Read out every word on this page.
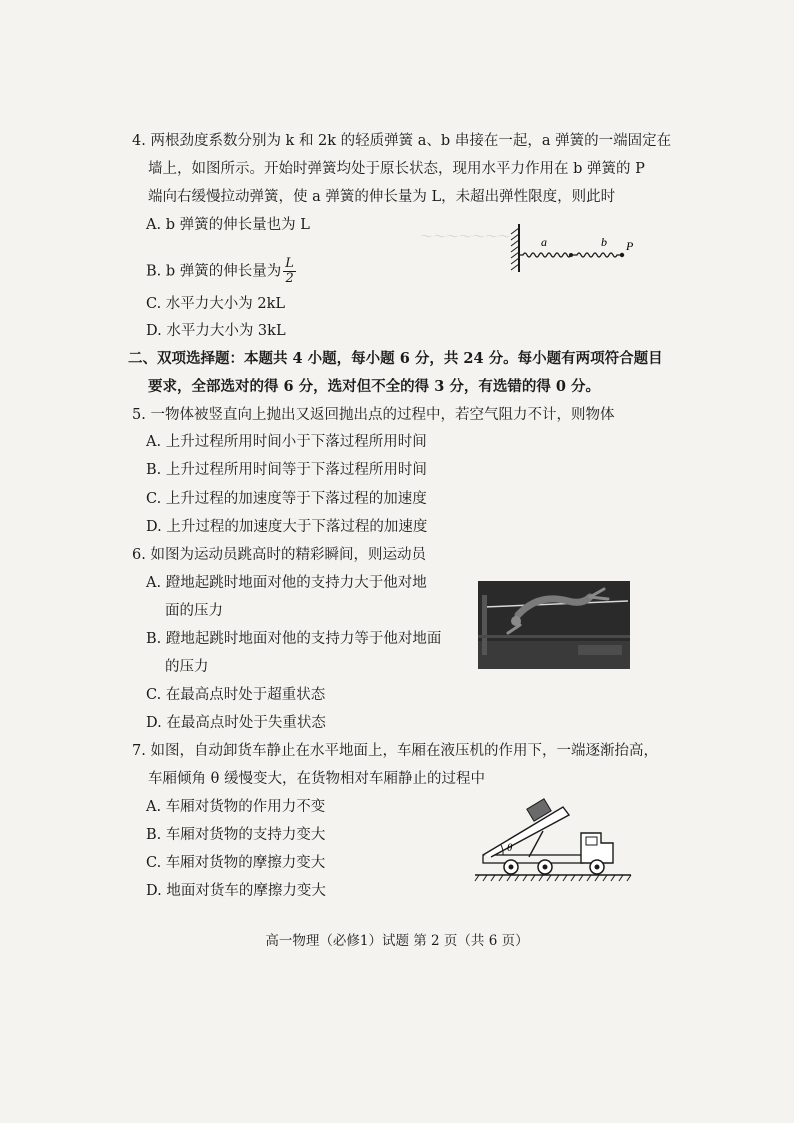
～～～～～～～
4. 两根劲度系数分别为 k 和 2k 的轻质弹簧 a、b 串接在一起，a 弹簧的一端固定在
墙上，如图所示。开始时弹簧均处于原长状态，现用水平力作用在 b 弹簧的 P
端向右缓慢拉动弹簧，使 a 弹簧的伸长量为 L，未超出弹性限度，则此时
A. b 弹簧的伸长量也为 L
B. b 弹簧的伸长量为 $\frac{L}{2}$
C. 水平力大小为 2kL
D. 水平力大小为 3kL
a	b P
二、双项选择题：本题共 4 小题，每小题 6 分，共 24 分。每小题有两项符合题目
要求，全部选对的得 6 分，选对但不全的得 3 分，有选错的得 0 分。
5. 一物体被竖直向上抛出又返回抛出点的过程中，若空气阻力不计，则物体
A. 上升过程所用时间小于下落过程所用时间
B. 上升过程所用时间等于下落过程所用时间
C. 上升过程的加速度等于下落过程的加速度
D. 上升过程的加速度大于下落过程的加速度
6. 如图为运动员跳高时的精彩瞬间，则运动员
A. 蹬地起跳时地面对他的支持力大于他对地
面的压力
B. 蹬地起跳时地面对他的支持力等于他对地面
的压力
C. 在最高点时处于超重状态
D. 在最高点时处于失重状态
7. 如图，自动卸货车静止在水平地面上，车厢在液压机的作用下，一端逐渐抬高，
车厢倾角 θ 缓慢变大，在货物相对车厢静止的过程中
A. 车厢对货物的作用力不变
B. 车厢对货物的支持力变大
C. 车厢对货物的摩擦力变大
D. 地面对货车的摩擦力变大
θ
高一物理（必修1）试题 第 2 页（共 6 页）
